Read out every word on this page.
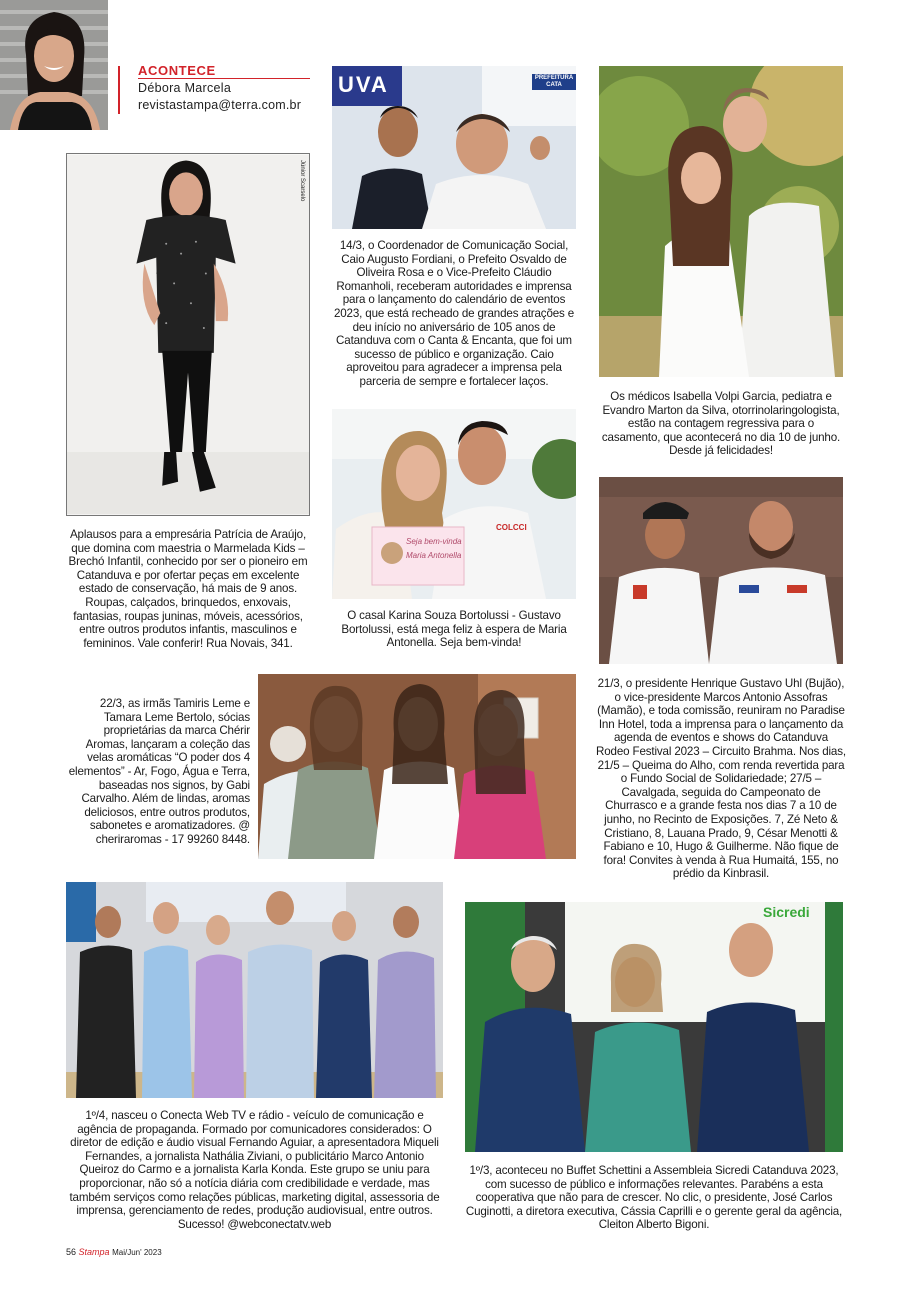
ACONTECE
Débora Marcela
revistastampa@terra.com.br
Júnior Scarselo
Aplausos para a empresária Patrícia de Araújo, que domina com maestria o Marmelada Kids – Brechó Infantil, conhecido por ser o pioneiro em Catanduva e por ofertar peças em excelente estado de conservação, há mais de 9 anos. Roupas, calçados, brinquedos, enxovais, fantasias, roupas juninas, móveis, acessórios, entre outros produtos infantis, masculinos e femininos. Vale conferir! Rua Novais, 341.
UVA	PREFEITURA CATA
14/3, o Coordenador de Comunicação Social, Caio Augusto Fordiani, o Prefeito Osvaldo de Oliveira Rosa e o Vice-Prefeito Cláudio Romanholi, receberam autoridades e imprensa para o lançamento do calendário de eventos 2023, que está recheado de grandes atrações e deu início no aniversário de 105 anos de Catanduva com o Canta & Encanta, que foi um sucesso de público e organização. Caio aproveitou para agradecer a imprensa pela parceria de sempre e fortalecer laços.
Os médicos Isabella Volpi Garcia, pediatra e Evandro Marton da Silva, otorrinolaringologista, estão na contagem regressiva para o casamento, que acontecerá no dia 10 de junho. Desde já felicidades!
Seja bem-vinda
Maria Antonella
COLCCI
O casal Karina Souza Bortolussi - Gustavo Bortolussi, está mega feliz à espera de Maria Antonella. Seja bem-vinda!
21/3, o presidente Henrique Gustavo Uhl (Bujão), o vice-presidente Marcos Antonio Assofras (Mamão), e toda comissão, reuniram no Paradise Inn Hotel, toda a imprensa para o lançamento da agenda de eventos e shows do Catanduva Rodeo Festival 2023 – Circuito Brahma. Nos dias, 21/5 – Queima do Alho, com renda revertida para o Fundo Social de Solidariedade; 27/5 – Cavalgada, seguida do Campeonato de Churrasco e a grande festa nos dias 7 a 10 de junho, no Recinto de Exposições. 7, Zé Neto & Cristiano, 8, Lauana Prado, 9, César Menotti & Fabiano e 10, Hugo & Guilherme. Não fique de fora! Convites à venda à Rua Humaitá, 155, no prédio da Kinbrasil.
22/3, as irmãs Tamiris Leme e Tamara Leme Bertolo, sócias proprietárias da marca Chérir Aromas, lançaram a coleção das velas aromáticas “O poder dos 4 elementos” - Ar, Fogo, Água e Terra, baseadas nos signos, by Gabi Carvalho. Além de lindas, aromas deliciosos, entre outros produtos, sabonetes e aromatizadores. @ cheriraromas - 17 99260 8448.
1º/4, nasceu o Conecta Web TV e rádio - veículo de comunicação e agência de propaganda. Formado por comunicadores considerados: O diretor de edição e áudio visual Fernando Aguiar, a apresentadora Miqueli Fernandes, a jornalista Nathália Ziviani, o publicitário Marco Antonio Queiroz do Carmo e a jornalista Karla Konda. Este grupo se uniu para proporcionar, não só a notícia diária com credibilidade e verdade, mas também serviços como relações públicas, marketing digital, assessoria de imprensa, gerenciamento de redes, produção audiovisual, entre outros. Sucesso! @webconectatv.web
Sicredi
1º/3, aconteceu no Buffet Schettini a Assembleia Sicredi Catanduva 2023, com sucesso de público e informações relevantes. Parabéns a esta cooperativa que não para de crescer. No clic, o presidente, José Carlos Cuginotti, a diretora executiva, Cássia Caprilli e o gerente geral da agência, Cleiton Alberto Bigoni.
56 Stampa Mai/Jun' 2023
